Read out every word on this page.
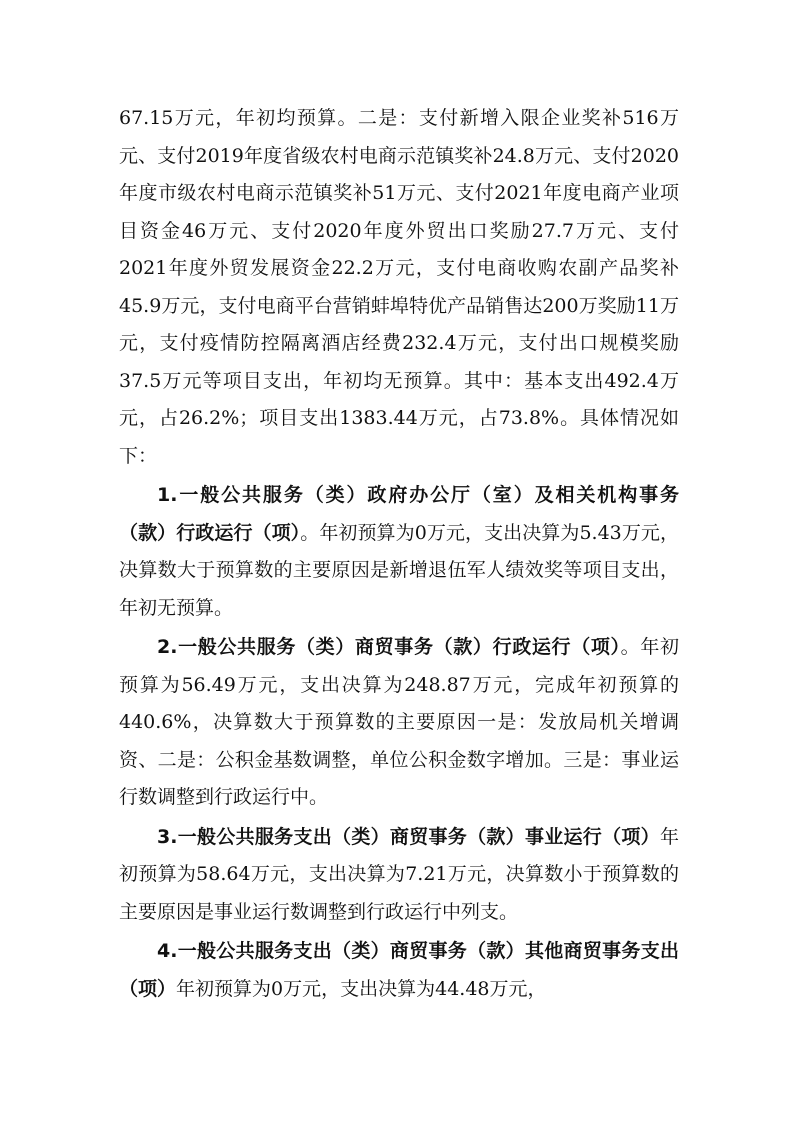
67.15万元，年初均预算。二是：支付新增入限企业奖补516万元、支付2019年度省级农村电商示范镇奖补24.8万元、支付2020年度市级农村电商示范镇奖补51万元、支付2021年度电商产业项目资金46万元、支付2020年度外贸出口奖励27.7万元、支付2021年度外贸发展资金22.2万元，支付电商收购农副产品奖补45.9万元，支付电商平台营销蚌埠特优产品销售达200万奖励11万元，支付疫情防控隔离酒店经费232.4万元，支付出口规模奖励37.5万元等项目支出，年初均无预算。其中：基本支出492.4万元，占26.2%；项目支出1383.44万元，占73.8%。具体情况如下：

1.一般公共服务（类）政府办公厅（室）及相关机构事务（款）行政运行（项）。年初预算为0万元，支出决算为5.43万元，决算数大于预算数的主要原因是新增退伍军人绩效奖等项目支出，年初无预算。

2.一般公共服务（类）商贸事务（款）行政运行（项）。年初预算为56.49万元，支出决算为248.87万元，完成年初预算的440.6%，决算数大于预算数的主要原因一是：发放局机关增调资、二是：公积金基数调整，单位公积金数字增加。三是：事业运行数调整到行政运行中。

3.一般公共服务支出（类）商贸事务（款）事业运行（项）年初预算为58.64万元，支出决算为7.21万元，决算数小于预算数的主要原因是事业运行数调整到行政运行中列支。

4.一般公共服务支出（类）商贸事务（款）其他商贸事务支出（项）年初预算为0万元，支出决算为44.48万元，
